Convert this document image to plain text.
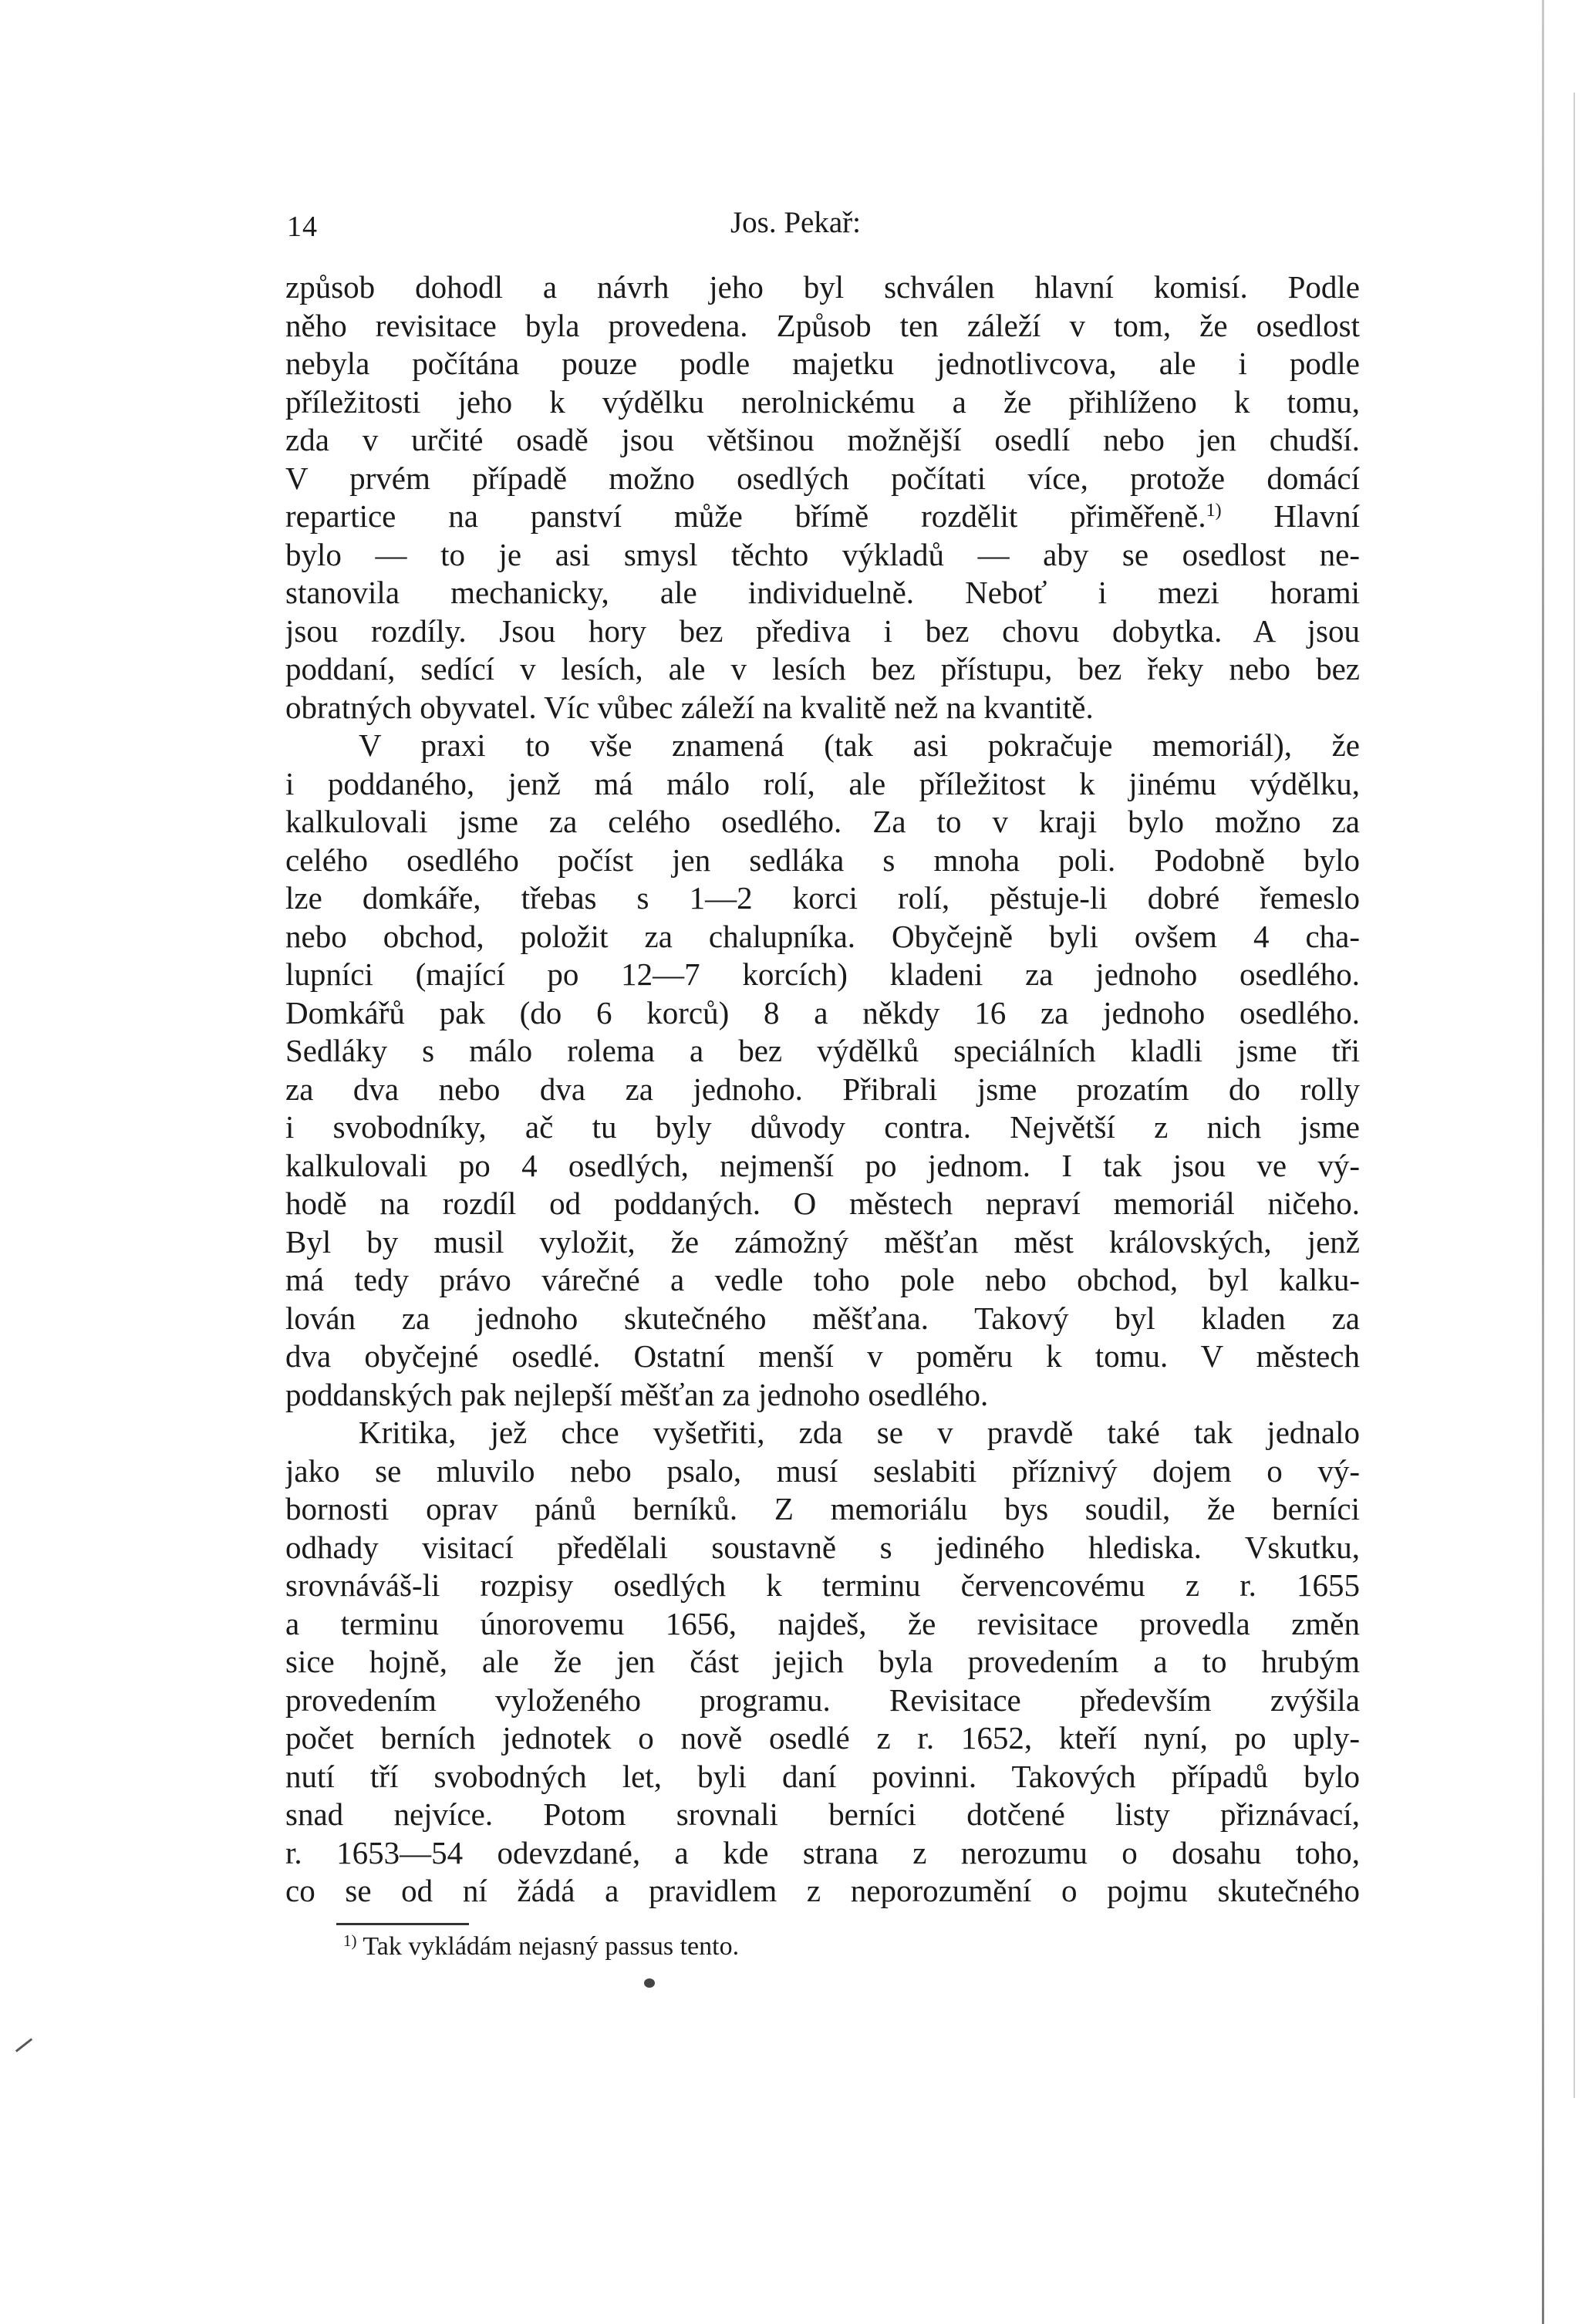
14	Jos. Pekař:
způsob dohodl a návrh jeho byl schválen hlavní komisí. Podle
něho revisitace byla provedena. Způsob ten záleží v tom, že osedlost
nebyla počítána pouze podle majetku jednotlivcova, ale i podle
příležitosti jeho k výdělku nerolnickému a že přihlíženo k tomu,
zda v určité osadě jsou většinou možnější osedlí nebo jen chudší.
V prvém případě možno osedlých počítati více, protože domácí
repartice na panství může břímě rozdělit přiměřeně.$^{1)}$ Hlavní
bylo — to je asi smysl těchto výkladů — aby se osedlost ne-
stanovila mechanicky, ale individuelně. Neboť i mezi horami
jsou rozdíly. Jsou hory bez přediva i bez chovu dobytka. A jsou
poddaní, sedící v lesích, ale v lesích bez přístupu, bez řeky nebo bez
obratných obyvatel. Víc vůbec záleží na kvalitě než na kvantitě.
V praxi to vše znamená (tak asi pokračuje memoriál), že
i poddaného, jenž má málo rolí, ale příležitost k jinému výdělku,
kalkulovali jsme za celého osedlého. Za to v kraji bylo možno za
celého osedlého počíst jen sedláka s mnoha poli. Podobně bylo
lze domkáře, třebas s 1—2 korci rolí, pěstuje-li dobré řemeslo
nebo obchod, položit za chalupníka. Obyčejně byli ovšem 4 cha-
lupníci (mající po 12—7 korcích) kladeni za jednoho osedlého.
Domkářů pak (do 6 korců) 8 a někdy 16 za jednoho osedlého.
Sedláky s málo rolema a bez výdělků speciálních kladli jsme tři
za dva nebo dva za jednoho. Přibrali jsme prozatím do rolly
i svobodníky, ač tu byly důvody contra. Největší z nich jsme
kalkulovali po 4 osedlých, nejmenší po jednom. I tak jsou ve vý-
hodě na rozdíl od poddaných. O městech nepraví memoriál ničeho.
Byl by musil vyložit, že zámožný měšťan měst královských, jenž
má tedy právo várečné a vedle toho pole nebo obchod, byl kalku-
lován za jednoho skutečného měšťana. Takový byl kladen za
dva obyčejné osedlé. Ostatní menší v poměru k tomu. V městech
poddanských pak nejlepší měšťan za jednoho osedlého.
Kritika, jež chce vyšetřiti, zda se v pravdě také tak jednalo
jako se mluvilo nebo psalo, musí seslabiti příznivý dojem o vý-
bornosti oprav pánů berníků. Z memoriálu bys soudil, že berníci
odhady visitací předělali soustavně s jediného hlediska. Vskutku,
srovnáváš-li rozpisy osedlých k terminu červencovému z r. 1655
a terminu únorovemu 1656, najdeš, že revisitace provedla změn
sice hojně, ale že jen část jejich byla provedením a to hrubým
provedením vyloženého programu. Revisitace především zvýšila
počet berních jednotek o nově osedlé z r. 1652, kteří nyní, po uply-
nutí tří svobodných let, byli daní povinni. Takových případů bylo
snad nejvíce. Potom srovnali berníci dotčené listy přiznávací,
r. 1653—54 odevzdané, a kde strana z nerozumu o dosahu toho,
co se od ní žádá a pravidlem z neporozumění o pojmu skutečného
$^{1)}$ Tak vykládám nejasný passus tento.
